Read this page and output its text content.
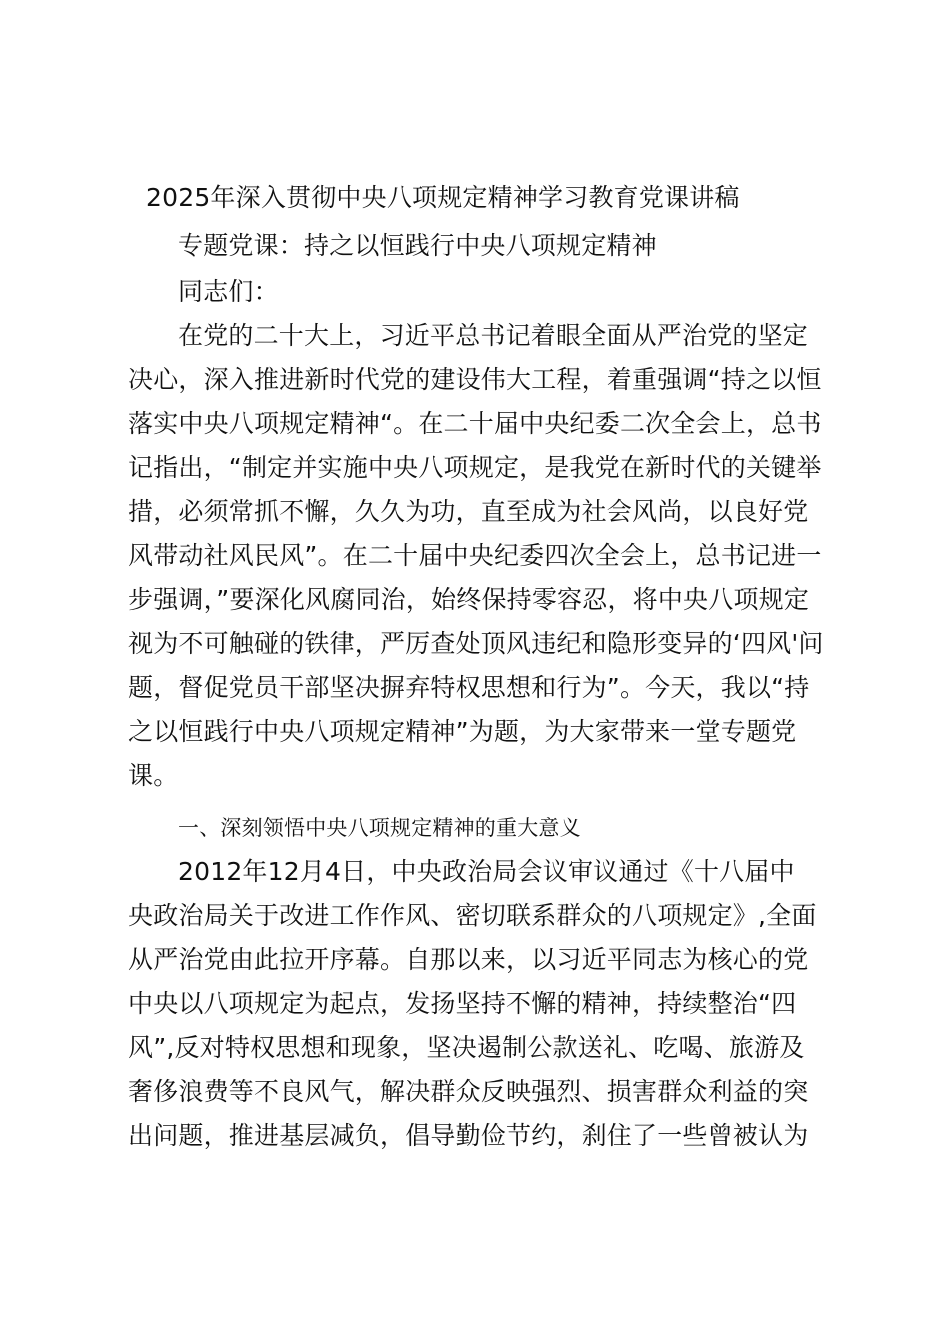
2025年深入贯彻中央八项规定精神学习教育党课讲稿
专题党课：持之以恒践行中央八项规定精神
同志们：
在党的二十大上，习近平总书记着眼全面从严治党的坚定
决心，深入推进新时代党的建设伟大工程，着重强调“持之以恒
落实中央八项规定精神“。在二十届中央纪委二次全会上，总书
记指出，“制定并实施中央八项规定，是我党在新时代的关键举
措，必须常抓不懈，久久为功，直至成为社会风尚，以良好党
风带动社风民风”。在二十届中央纪委四次全会上，总书记进一
步强调，”要深化风腐同治，始终保持零容忍，将中央八项规定
视为不可触碰的铁律，严厉查处顶风违纪和隐形变异的‘四风'问
题，督促党员干部坚决摒弃特权思想和行为”。今天，我以“持
之以恒践行中央八项规定精神”为题，为大家带来一堂专题党
课。
一、深刻领悟中央八项规定精神的重大意义
2012年12月4日，中央政治局会议审议通过《十八届中
央政治局关于改进工作作风、密切联系群众的八项规定》,全面
从严治党由此拉开序幕。自那以来，以习近平同志为核心的党
中央以八项规定为起点，发扬坚持不懈的精神，持续整治“四
风”,反对特权思想和现象，坚决遏制公款送礼、吃喝、旅游及
奢侈浪费等不良风气，解决群众反映强烈、损害群众利益的突
出问题，推进基层减负，倡导勤俭节约，刹住了一些曾被认为
